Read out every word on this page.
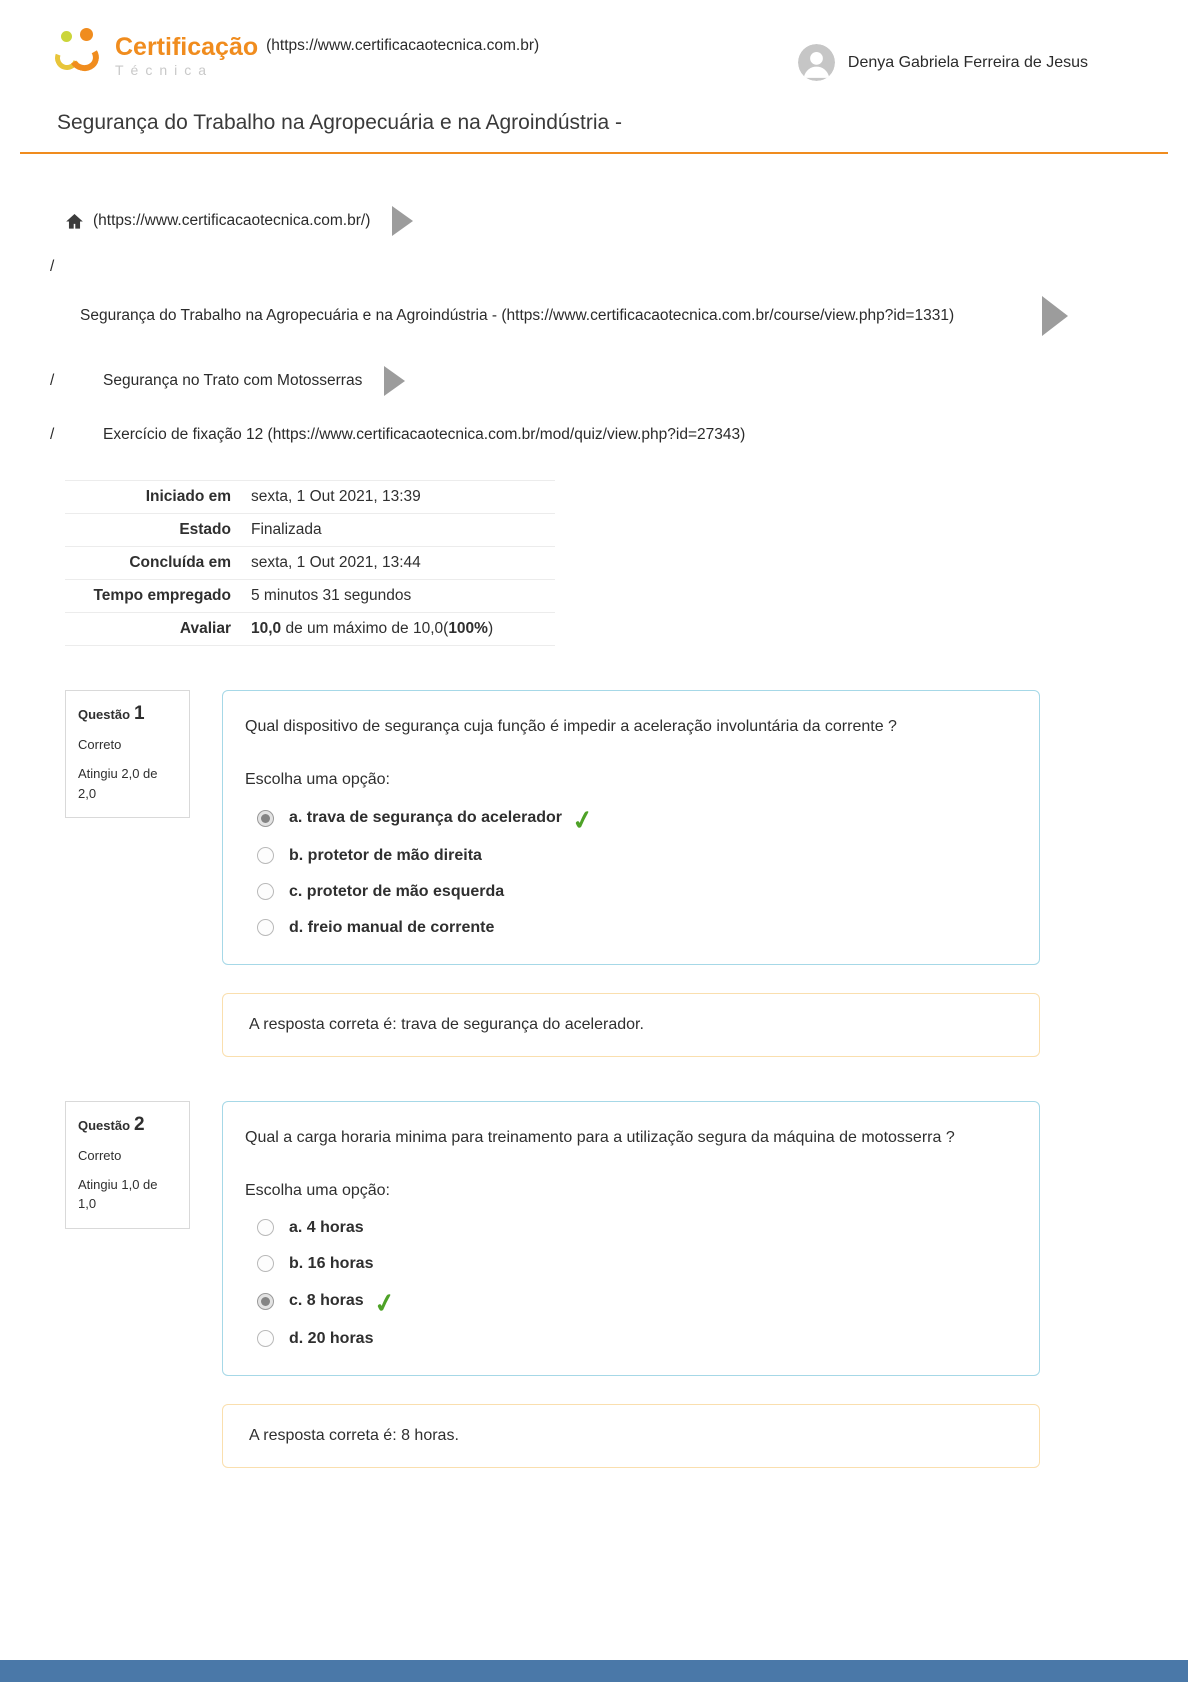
Certificação
Técnica
(https://www.certificacaotecnica.com.br)
Denya Gabriela Ferreira de Jesus
Segurança do Trabalho na Agropecuária e na Agroindústria -
(https://www.certificacaotecnica.com.br/)
/
Segurança do Trabalho na Agropecuária e na Agroindústria - (https://www.certificacaotecnica.com.br/course/view.php?id=1331)
/	Segurança no Trato com Motosserras
/	Exercício de fixação 12 (https://www.certificacaotecnica.com.br/mod/quiz/view.php?id=27343)
Iniciado em	sexta, 1 Out 2021, 13:39
Estado	Finalizada
Concluída em	sexta, 1 Out 2021, 13:44
Tempo empregado	5 minutos 31 segundos
Avaliar	10,0 de um máximo de 10,0(100%)
Questão 1
Correto
Atingiu 2,0 de 2,0

Qual dispositivo de segurança cuja função é impedir a aceleração involuntária da corrente ?

Escolha uma opção:

a. trava de segurança do acelerador ✓
b. protetor de mão direita
c. protetor de mão esquerda
d. freio manual de corrente
A resposta correta é: trava de segurança do acelerador.
Questão 2
Correto
Atingiu 1,0 de 1,0

Qual a carga horaria minima para treinamento para a utilização segura da máquina de motosserra ?

Escolha uma opção:

a. 4 horas
b. 16 horas
c. 8 horas ✓
d. 20 horas
A resposta correta é: 8 horas.
